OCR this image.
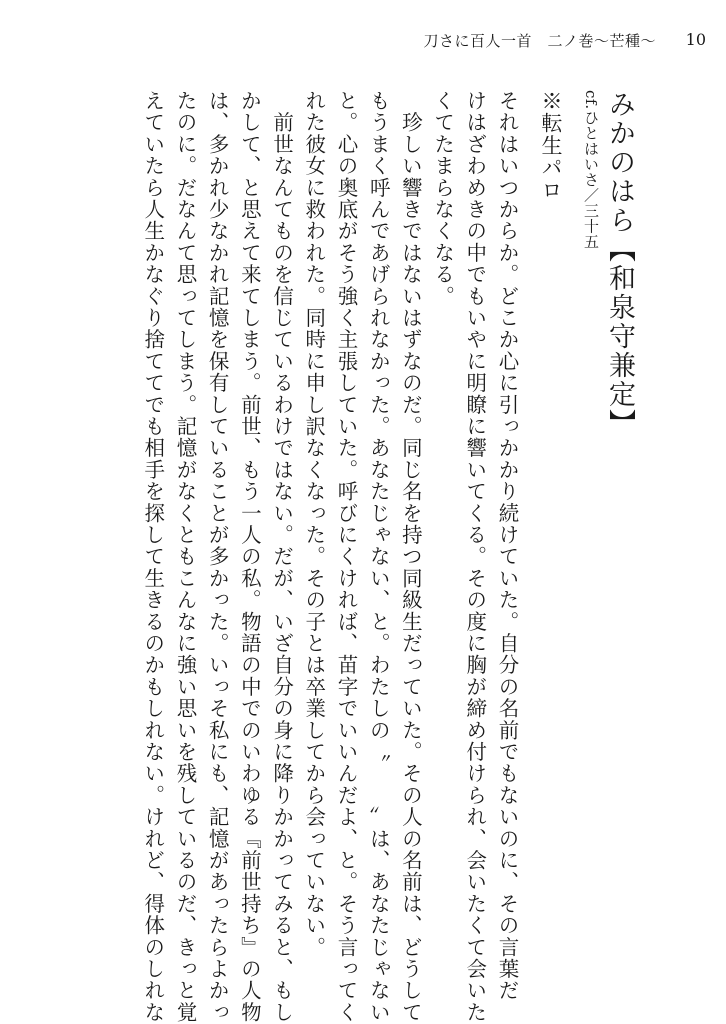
刀さに百人一首　二ノ巻～芒種～ 10
みかのはら【和泉守兼定】
cf.ひとはいさ／三十五
※転生パロ
それはいつからか。どこか心に引っかかり続けていた。自分の名前でもないのに、その言葉だ
けはざわめきの中でもいやに明瞭に響いてくる。その度に胸が締め付けられ、会いたくて会いた
くてたまらなくなる。
　珍しい響きではないはずなのだ。同じ名を持つ同級生だっていた。その人の名前は、どうして
もうまく呼んであげられなかった。あなたじゃない、と。わたしの〝　　〟は、あなたじゃない
と。心の奥底がそう強く主張していた。呼びにくければ、苗字でいいんだよ、と。そう言ってく
れた彼女に救われた。同時に申し訳なくなった。その子とは卒業してから会っていない。
　前世なんてものを信じているわけではない。だが、いざ自分の身に降りかかってみると、もし
かして、と思えて来てしまう。前世、もう一人の私。物語の中でのいわゆる『前世持ち』の人物
は、多かれ少なかれ記憶を保有していることが多かった。いっそ私にも、記憶があったらよかっ
たのに。だなんて思ってしまう。記憶がなくともこんなに強い思いを残しているのだ、きっと覚
えていたら人生かなぐり捨ててでも相手を探して生きるのかもしれない。けれど、得体のしれな
